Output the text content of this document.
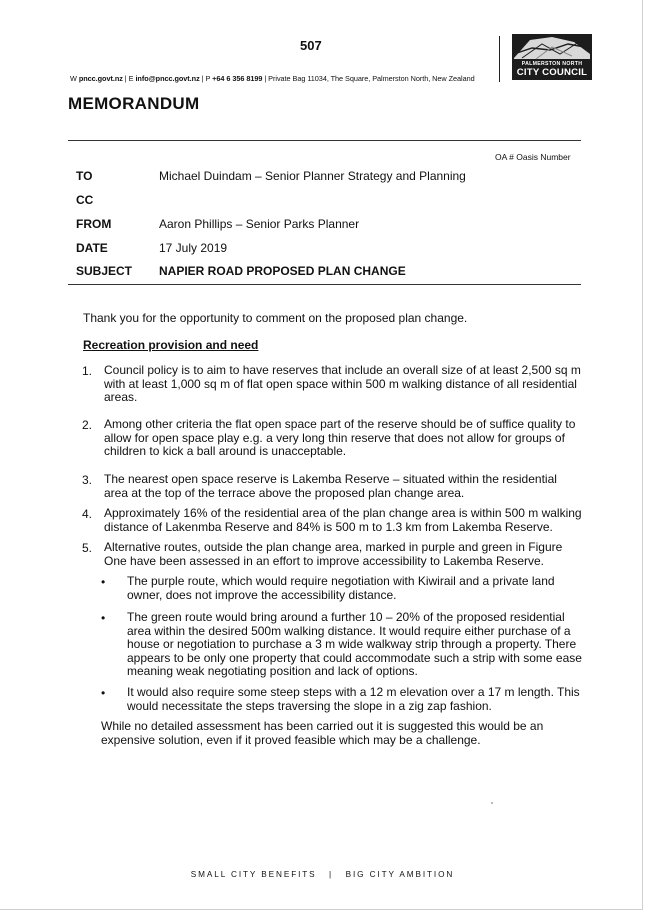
507
W pncc.govt.nz | E info@pncc.govt.nz | P +64 6 356 8199 | Private Bag 11034, The Square, Palmerston North, New Zealand
PALMERSTON NORTH
CITY COUNCIL
MEMORANDUM
OA # Oasis Number
TO	Michael Duindam – Senior Planner Strategy and Planning
CC
FROM	Aaron Phillips – Senior Parks Planner
DATE	17 July 2019
SUBJECT NAPIER ROAD PROPOSED PLAN CHANGE
Thank you for the opportunity to comment on the proposed plan change.
Recreation provision and need
1. Council policy is to aim to have reserves that include an overall size of at least 2,500 sq m with at least 1,000 sq m of flat open space within 500 m walking distance of all residential areas.
2. Among other criteria the flat open space part of the reserve should be of suffice quality to allow for open space play e.g. a very long thin reserve that does not allow for groups of children to kick a ball around is unacceptable.
3. The nearest open space reserve is Lakemba Reserve – situated within the residential area at the top of the terrace above the proposed plan change area.
4. Approximately 16% of the residential area of the plan change area is within 500 m walking distance of Lakenmba Reserve and 84% is 500 m to 1.3 km from Lakemba Reserve.
5. Alternative routes, outside the plan change area, marked in purple and green in Figure One have been assessed in an effort to improve accessibility to Lakemba Reserve.
• The purple route, which would require negotiation with Kiwirail and a private land owner, does not improve the accessibility distance.
• The green route would bring around a further 10 – 20% of the proposed residential area within the desired 500m walking distance. It would require either purchase of a house or negotiation to purchase a 3 m wide walkway strip through a property. There appears to be only one property that could accommodate such a strip with some ease meaning weak negotiating position and lack of options.
• It would also require some steep steps with a 12 m elevation over a 17 m length. This would necessitate the steps traversing the slope in a zig zap fashion.
While no detailed assessment has been carried out it is suggested this would be an expensive solution, even if it proved feasible which may be a challenge.
SMALL CITY BENEFITS   |   BIG CITY AMBITION
